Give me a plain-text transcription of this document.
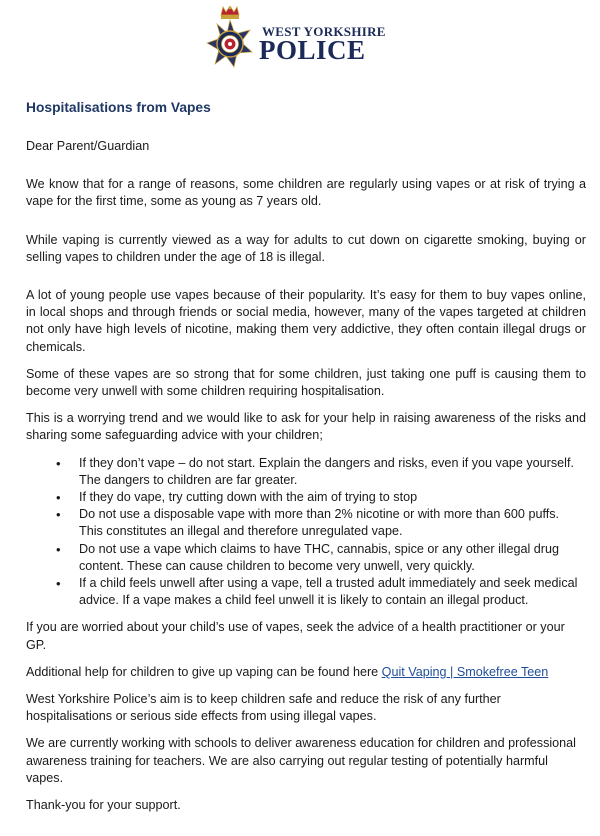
WEST YORKSHIRE
POLICE
Hospitalisations from Vapes
Dear Parent/Guardian
We know that for a range of reasons, some children are regularly using vapes or at risk of trying a vape for the first time, some as young as 7 years old.
While vaping is currently viewed as a way for adults to cut down on cigarette smoking, buying or selling vapes to children under the age of 18 is illegal.
A lot of young people use vapes because of their popularity. It’s easy for them to buy vapes online, in local shops and through friends or social media, however, many of the vapes targeted at children not only have high levels of nicotine, making them very addictive, they often contain illegal drugs or chemicals.
Some of these vapes are so strong that for some children, just taking one puff is causing them to become very unwell with some children requiring hospitalisation.
This is a worrying trend and we would like to ask for your help in raising awareness of the risks and sharing some safeguarding advice with your children;
• If they don’t vape – do not start. Explain the dangers and risks, even if you vape yourself. The dangers to children are far greater.
• If they do vape, try cutting down with the aim of trying to stop
• Do not use a disposable vape with more than 2% nicotine or with more than 600 puffs. This constitutes an illegal and therefore unregulated vape.
• Do not use a vape which claims to have THC, cannabis, spice or any other illegal drug content. These can cause children to become very unwell, very quickly.
• If a child feels unwell after using a vape, tell a trusted adult immediately and seek medical advice. If a vape makes a child feel unwell it is likely to contain an illegal product.
If you are worried about your child’s use of vapes, seek the advice of a health practitioner or your GP.
Additional help for children to give up vaping can be found here Quit Vaping | Smokefree Teen
West Yorkshire Police’s aim is to keep children safe and reduce the risk of any further hospitalisations or serious side effects from using illegal vapes.
We are currently working with schools to deliver awareness education for children and professional awareness training for teachers. We are also carrying out regular testing of potentially harmful vapes.
Thank-you for your support.
